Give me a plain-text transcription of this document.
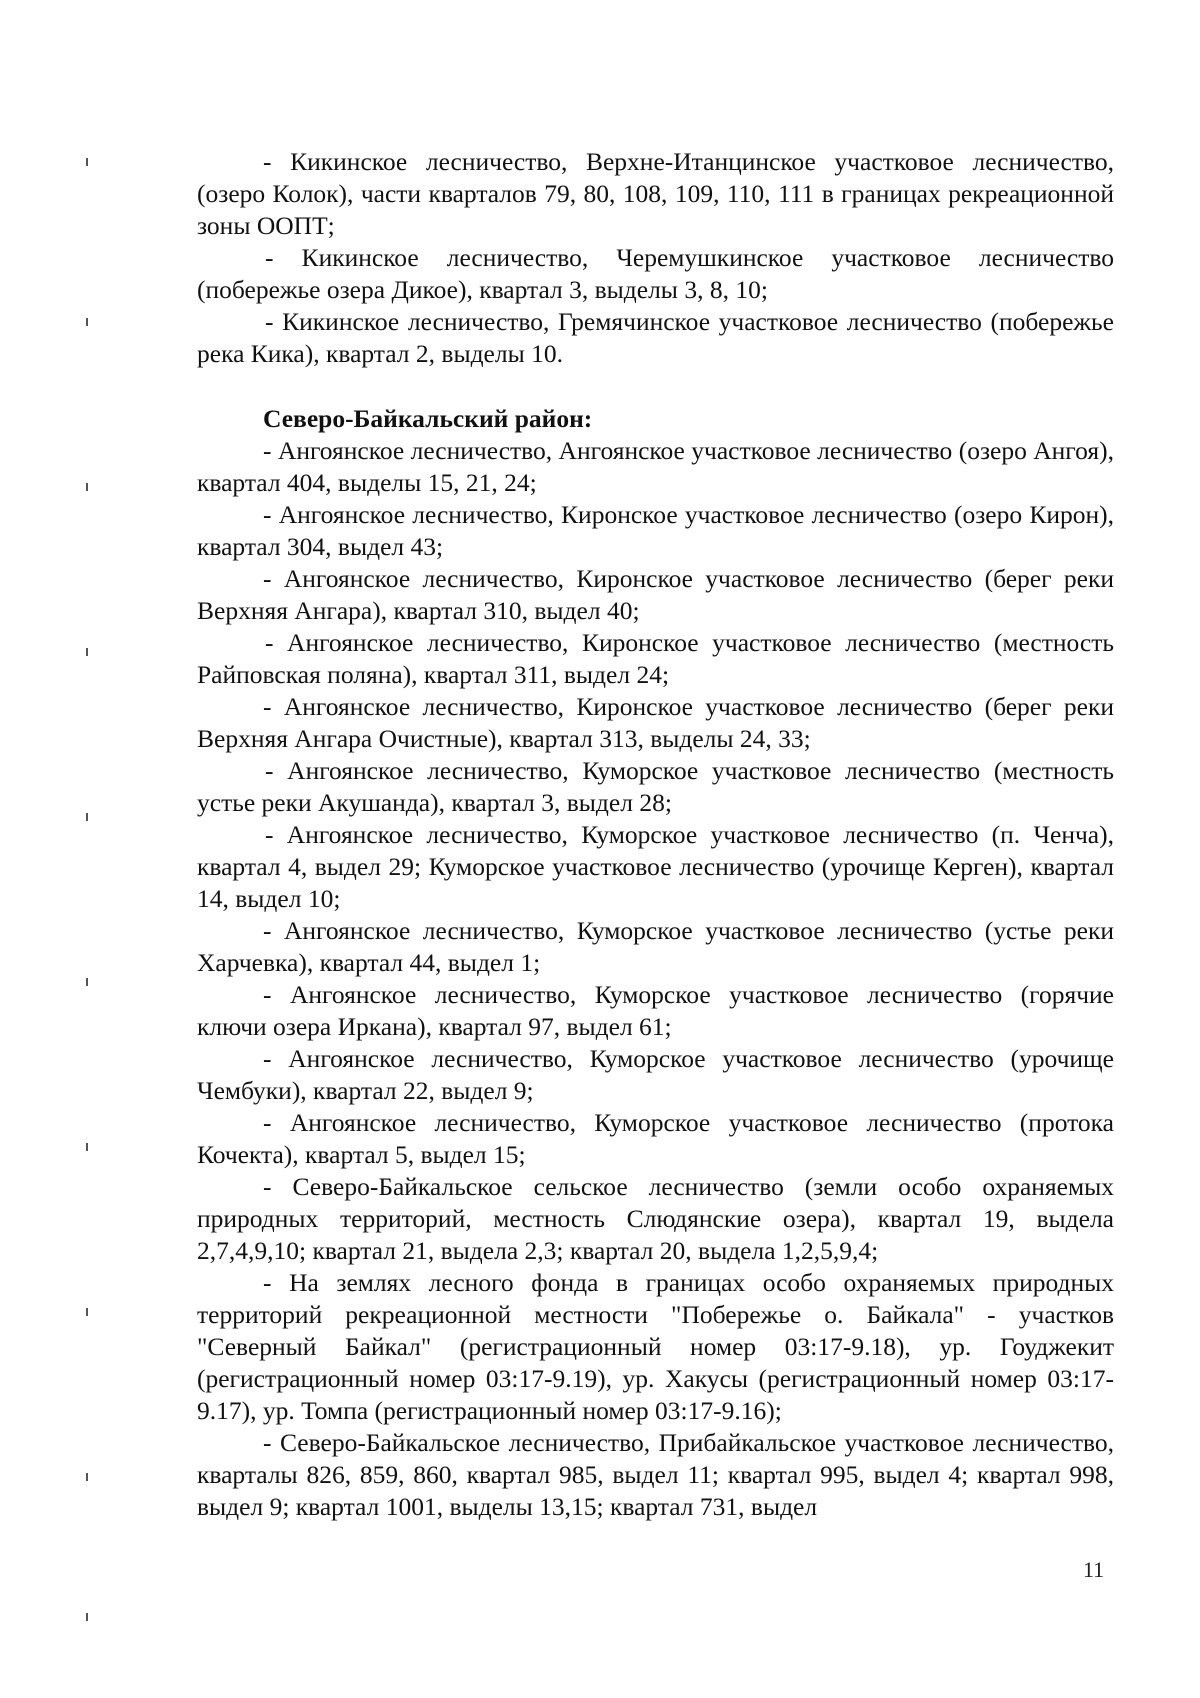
- Кикинское лесничество, Верхне-Итанцинское участковое лесничество, (озеро Колок), части кварталов 79, 80, 108, 109, 110, 111 в границах рекреационной зоны ООПТ;

- Кикинское лесничество, Черемушкинское участковое лесничество (побережье озера Дикое), квартал 3, выделы 3, 8, 10;

- Кикинское лесничество, Гремячинское участковое лесничество (побережье река Кика), квартал 2, выделы 10.

Северо-Байкальский район:

- Ангоянское лесничество, Ангоянское участковое лесничество (озеро Ангоя), квартал 404, выделы 15, 21, 24;

- Ангоянское лесничество, Киронское участковое лесничество (озеро Кирон), квартал 304, выдел 43;

- Ангоянское лесничество, Киронское участковое лесничество (берег реки Верхняя Ангара), квартал 310, выдел 40;

- Ангоянское лесничество, Киронское участковое лесничество (местность Райповская поляна), квартал 311, выдел 24;

- Ангоянское лесничество, Киронское участковое лесничество (берег реки Верхняя Ангара Очистные), квартал 313, выделы 24, 33;

- Ангоянское лесничество, Куморское участковое лесничество (местность устье реки Акушанда), квартал 3, выдел 28;

- Ангоянское лесничество, Куморское участковое лесничество (п. Ченча), квартал 4, выдел 29; Куморское участковое лесничество (урочище Керген), квартал 14, выдел 10;

- Ангоянское лесничество, Куморское участковое лесничество (устье реки Харчевка), квартал 44, выдел 1;

- Ангоянское лесничество, Куморское участковое лесничество (горячие ключи озера Иркана), квартал 97, выдел 61;

- Ангоянское лесничество, Куморское участковое лесничество (урочище Чембуки), квартал 22, выдел 9;

- Ангоянское лесничество, Куморское участковое лесничество (протока Кочекта), квартал 5, выдел 15;

- Северо-Байкальское сельское лесничество (земли особо охраняемых природных территорий, местность Слюдянские озера), квартал 19, выдела 2,7,4,9,10; квартал 21, выдела 2,3; квартал 20, выдела 1,2,5,9,4;

- На землях лесного фонда в границах особо охраняемых природных территорий рекреационной местности "Побережье о. Байкала" - участков "Северный Байкал" (регистрационный номер 03:17-9.18), ур. Гоуджекит (регистрационный номер 03:17-9.19), ур. Хакусы (регистрационный номер 03:17-9.17), ур. Томпа (регистрационный номер 03:17-9.16);

- Северо-Байкальское лесничество, Прибайкальское участковое лесничество, кварталы 826, 859, 860, квартал 985, выдел 11; квартал 995, выдел 4; квартал 998, выдел 9; квартал 1001, выделы 13,15; квартал 731, выдел

11
